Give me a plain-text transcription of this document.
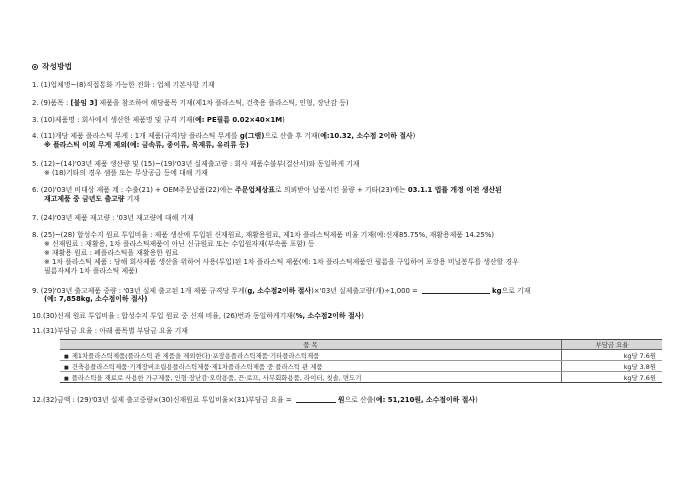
작성방법
1. (1)업체명~(8)직접통화 가능한 전화 : 업체 기본사항 기재
2. (9)품목 : [붙임 3] 제품을 참조하여 해당품목 기재(제1차 플라스틱, 건축용 플라스틱, 인형, 장난감 등)
3. (10)제품명 : 회사에서 생산한 제품명 및 규격 기재(예: PE필름 0.02×40×1M)
4. (11)개당 제품 플라스틱 무게 : 1개 제품(규격)당 플라스틱 무게를 g(그램)으로 산출 후 기재(예:10.32, 소수점 2이하 절사)
※ 플라스틱 이외 무게 제외(예: 금속류, 종이류, 목재류, 유리류 등)
5. (12)~(14)'03년 제품 생산량 및 (15)~(19)'03년 실제출고량 : 회사 제품수불부(결산서)와 동일하게 기재
※ (18)기타의 경우 샘플 또는 무상공급 등에 대해 기재
6. (20)'03년 비대상 제품 계 : 수출(21) + OEM주문납품(22)에는 주문업체상표로 의뢰받아 납품시킨 물량 + 기타(23)에는 03.1.1 법률 개정 이전 생산된
재고제품 중 금년도 출고량 기재
7. (24)'03년 제품 재고량 : '03년 재고량에 대해 기재
8. (25)~(28) 합성수지 원료 투입비율 : 제품 생산에 투입된 신재원료, 재활용원료, 제1차 플라스틱제품 비율 기재(예:신재85.75%, 재활용제품 14.25%)
※ 신재원료 : 재활용, 1차 플라스틱제품이 아닌 신규원료 또는 수입원자재(부속품 포함) 등
※ 재활용 원료 : 폐플라스틱을 재활용한 원료
※ 1차 플라스틱 제품 : 당해 회사제품 생산을 위하여 사용(투입)된 1차 플라스틱 제품(예: 1차 플라스틱제품인 필름을 구입하여 포장용 비닐봉투를 생산할 경우
필름자체가 1차 플라스틱 제품)
9. (29)'03년 출고제품 중량 : '03년 실제 출고된 1개 제품 규격당 무게(g, 소수점2이하 절사)×'03년 실제출고량(개)÷1,000 =	kg으로 기재
(예: 7,858kg, 소수점이하 절사)
10.(30)신재 원료 투입비율 : 합성수지 투입 원료 중 신재 비율, (26)번과 동일하게기재(%, 소수점2이하 절사)
11.(31)부담금 요율 : 아래 품목별 부담금 요율 기재
품 목	부담금 요율
■ 제1차플라스틱제품(플라스틱 관 제품을 제외한다)·포장용플라스틱제품·기타플라스틱제품	kg당 7.6원
■ 건축용플라스틱제품·기계장비조립용플라스틱제품·제1차플라스틱제품 중 플라스틱 관 제품	kg당 3.8원
■ 플라스틱을 재료로 사용한 가구제품, 인형·장난감·오락용품, 끈·로프, 사무회화용품, 라이터, 칫솔, 면도기	kg당 7.6원
12.(32)금액 : (29)'03년 실제 출고중량×(30)신재원료 투입비율×(31)부담금 요율 =	원으로 산출(예: 51,210원, 소수점이하 절사)
